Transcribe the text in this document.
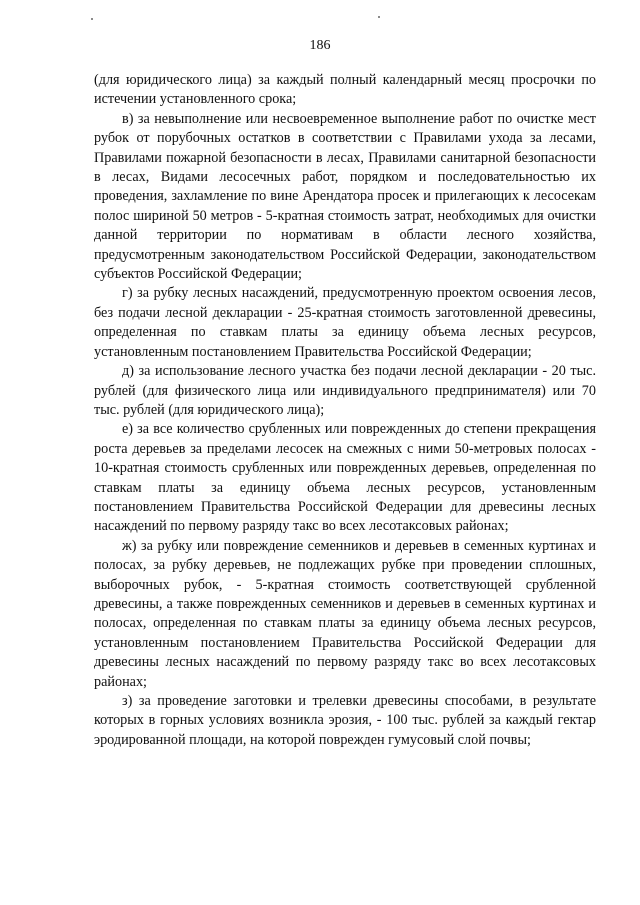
186

(для юридического лица) за каждый полный календарный месяц просрочки по истечении установленного срока;

в) за невыполнение или несвоевременное выполнение работ по очистке мест рубок от порубочных остатков в соответствии с Правилами ухода за лесами, Правилами пожарной безопасности в лесах, Правилами санитарной безопасности в лесах, Видами лесосечных работ, порядком и последовательностью их проведения, захламление по вине Арендатора просек и прилегающих к лесосекам полос шириной 50 метров - 5-кратная стоимость затрат, необходимых для очистки данной территории по нормативам в области лесного хозяйства, предусмотренным законодательством Российской Федерации, законодательством субъектов Российской Федерации;

г) за рубку лесных насаждений, предусмотренную проектом освоения лесов, без подачи лесной декларации - 25-кратная стоимость заготовленной древесины, определенная по ставкам платы за единицу объема лесных ресурсов, установленным постановлением Правительства Российской Федерации;

д) за использование лесного участка без подачи лесной декларации - 20 тыс. рублей (для физического лица или индивидуального предпринимателя) или 70 тыс. рублей (для юридического лица);

е) за все количество срубленных или поврежденных до степени прекращения роста деревьев за пределами лесосек на смежных с ними 50-метровых полосах - 10-кратная стоимость срубленных или поврежденных деревьев, определенная по ставкам платы за единицу объема лесных ресурсов, установленным постановлением Правительства Российской Федерации для древесины лесных насаждений по первому разряду такс во всех лесотаксовых районах;

ж) за рубку или повреждение семенников и деревьев в семенных куртинах и полосах, за рубку деревьев, не подлежащих рубке при проведении сплошных, выборочных рубок, - 5-кратная стоимость соответствующей срубленной древесины, а также поврежденных семенников и деревьев в семенных куртинах и полосах, определенная по ставкам платы за единицу объема лесных ресурсов, установленным постановлением Правительства Российской Федерации для древесины лесных насаждений по первому разряду такс во всех лесотаксовых районах;

з) за проведение заготовки и трелевки древесины способами, в результате которых в горных условиях возникла эрозия, - 100 тыс. рублей за каждый гектар эродированной площади, на которой поврежден гумусовый слой почвы;
